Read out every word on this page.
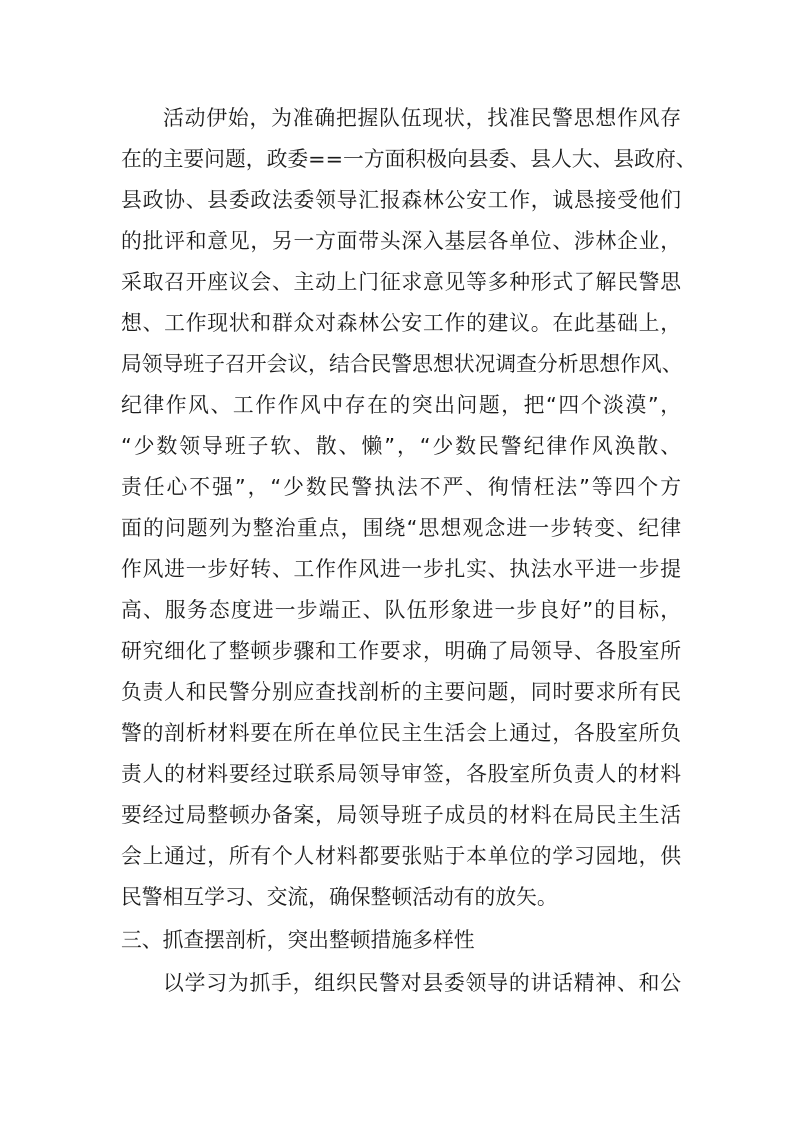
活动伊始，为准确把握队伍现状，找准民警思想作风存

在的主要问题，政委==一方面积极向县委、县人大、县政府、

县政协、县委政法委领导汇报森林公安工作，诚恳接受他们

的批评和意见，另一方面带头深入基层各单位、涉林企业，

采取召开座议会、主动上门征求意见等多种形式了解民警思

想、工作现状和群众对森林公安工作的建议。在此基础上，

局领导班子召开会议，结合民警思想状况调查分析思想作风、

纪律作风、工作作风中存在的突出问题，把“四个淡漠”，

“少数领导班子软、散、懒”，“少数民警纪律作风涣散、

责任心不强”，“少数民警执法不严、徇情枉法”等四个方

面的问题列为整治重点，围绕“思想观念进一步转变、纪律

作风进一步好转、工作作风进一步扎实、执法水平进一步提

高、服务态度进一步端正、队伍形象进一步良好”的目标，

研究细化了整顿步骤和工作要求，明确了局领导、各股室所

负责人和民警分别应查找剖析的主要问题，同时要求所有民

警的剖析材料要在所在单位民主生活会上通过，各股室所负

责人的材料要经过联系局领导审签，各股室所负责人的材料

要经过局整顿办备案，局领导班子成员的材料在局民主生活

会上通过，所有个人材料都要张贴于本单位的学习园地，供

民警相互学习、交流，确保整顿活动有的放矢。

三、抓查摆剖析，突出整顿措施多样性

以学习为抓手，组织民警对县委领导的讲话精神、和公
